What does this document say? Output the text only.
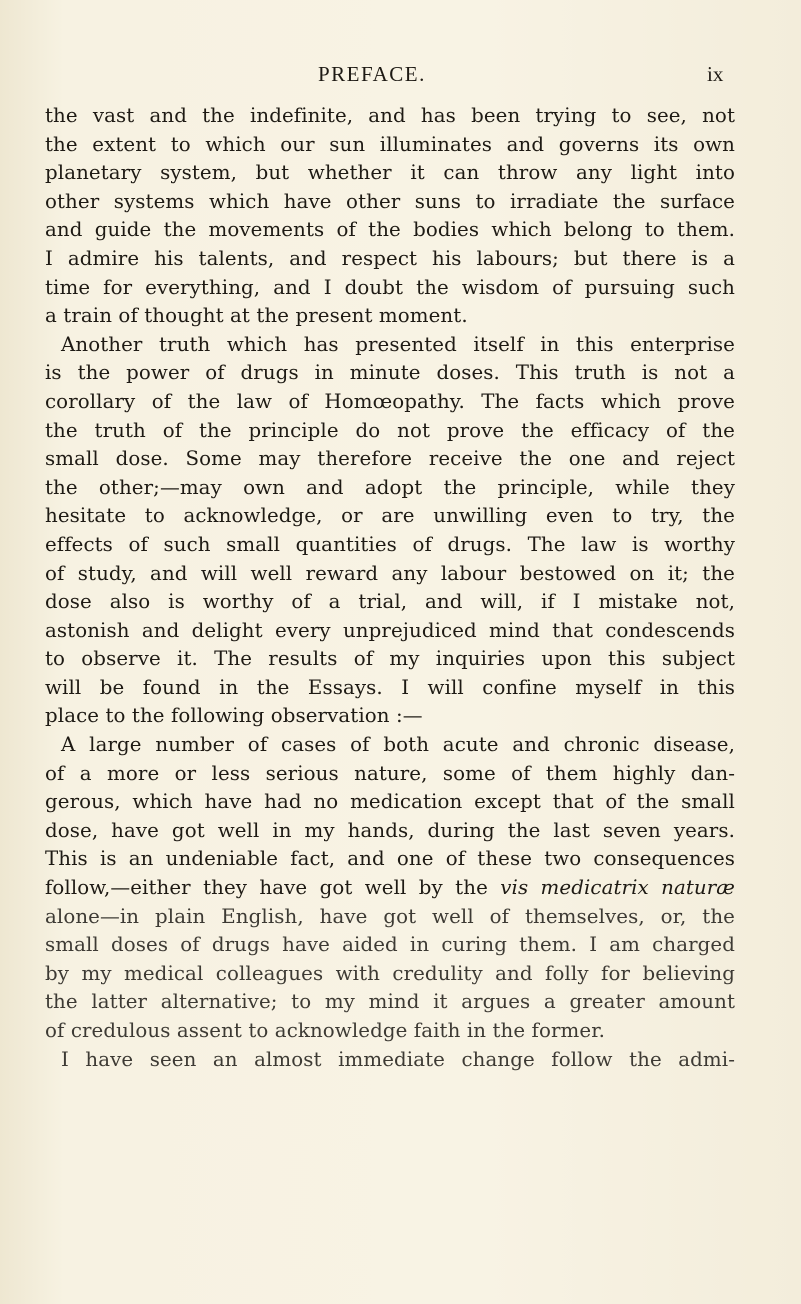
PREFACE.	ix
the vast and the indefinite, and has been trying to see, not
the extent to which our sun illuminates and governs its own
planetary system, but whether it can throw any light into
other systems which have other suns to irradiate the surface
and guide the movements of the bodies which belong to them.
I admire his talents, and respect his labours; but there is a
time for everything, and I doubt the wisdom of pursuing such
a train of thought at the present moment.
Another truth which has presented itself in this enterprise
is the power of drugs in minute doses. This truth is not a
corollary of the law of Homœopathy. The facts which prove
the truth of the principle do not prove the efficacy of the
small dose. Some may therefore receive the one and reject
the other;—may own and adopt the principle, while they
hesitate to acknowledge, or are unwilling even to try, the
effects of such small quantities of drugs. The law is worthy
of study, and will well reward any labour bestowed on it; the
dose also is worthy of a trial, and will, if I mistake not,
astonish and delight every unprejudiced mind that condescends
to observe it. The results of my inquiries upon this subject
will be found in the Essays. I will confine myself in this
place to the following observation :—
A large number of cases of both acute and chronic disease,
of a more or less serious nature, some of them highly dan-
gerous, which have had no medication except that of the small
dose, have got well in my hands, during the last seven years.
This is an undeniable fact, and one of these two consequences
follow,—either they have got well by the vis medicatrix naturæ
alone—in plain English, have got well of themselves, or, the
small doses of drugs have aided in curing them. I am charged
by my medical colleagues with credulity and folly for believing
the latter alternative; to my mind it argues a greater amount
of credulous assent to acknowledge faith in the former.
I have seen an almost immediate change follow the admi-
